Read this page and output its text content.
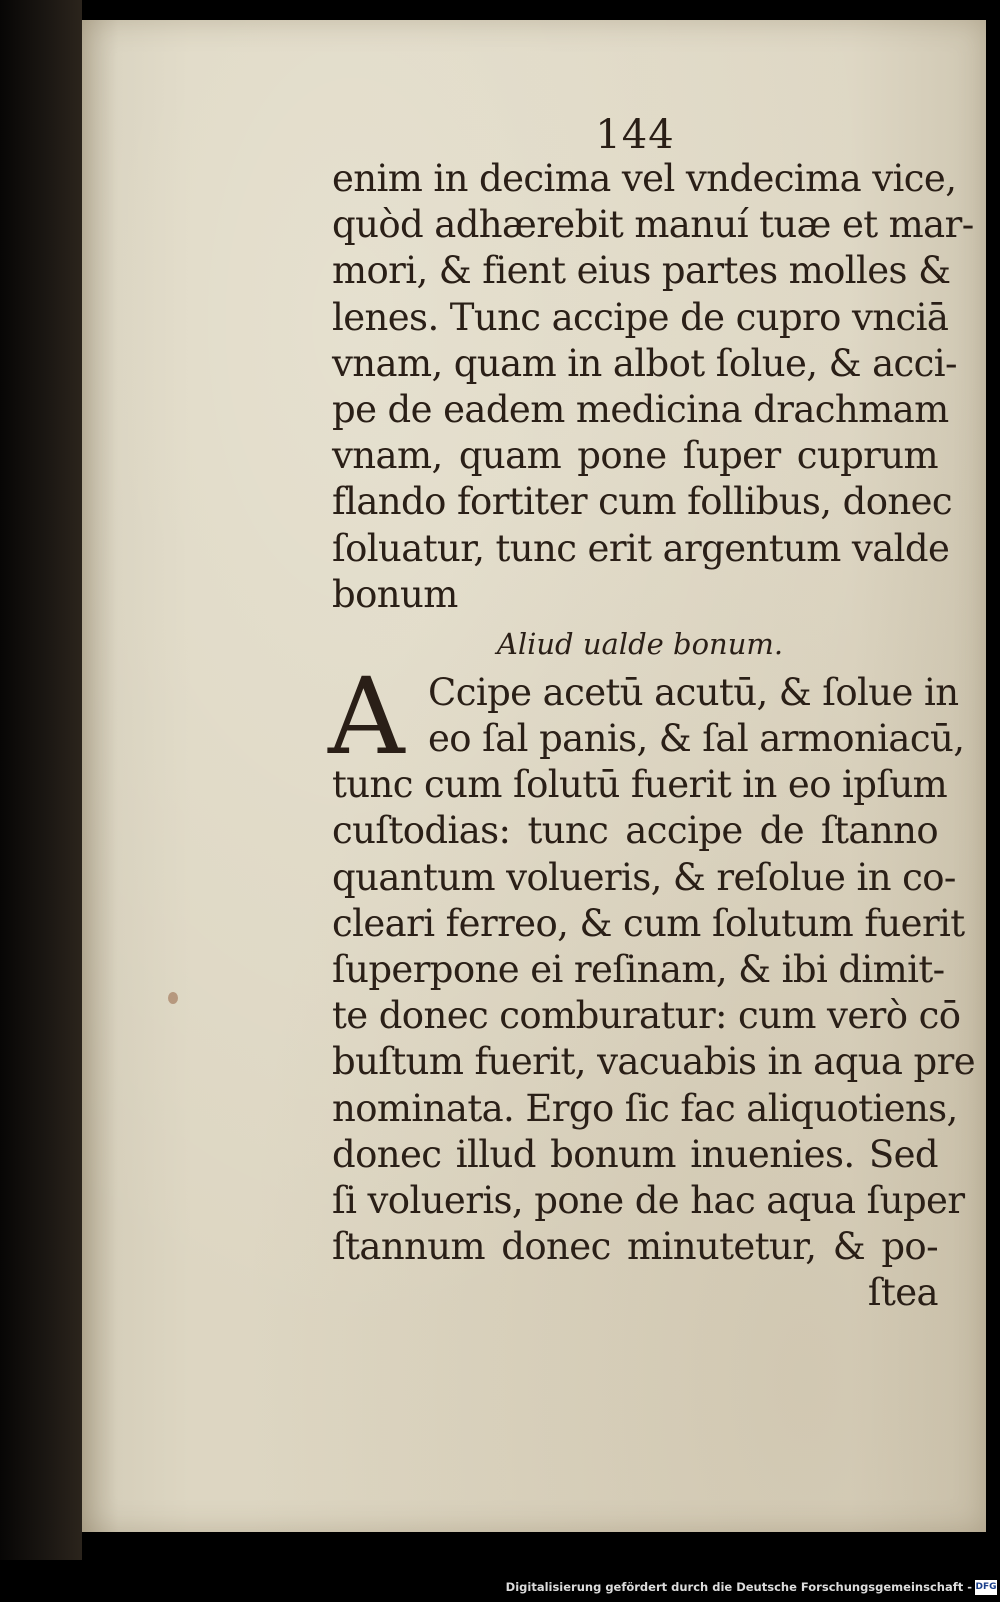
144
enim in decima vel vndecima vice,
quòd adhærebit manuí tuæ et mar-
mori, & fient eius partes molles &
lenes. Tunc accipe de cupro vnciā
vnam, quam in albot ſolue, & acci-
pe de eadem medicina drachmam
vnam, quam pone ſuper cuprum
flando fortiter cum follibus, donec
ſoluatur, tunc erit argentum valde
bonum
Aliud ualde bonum.
A Ccipe acetū acutū, & ſolue in
eo ſal panis, & ſal armoniacū,
tunc cum ſolutū fuerit in eo ipſum
cuſtodias: tunc accipe de ſtanno
quantum volueris, & reſolue in co-
cleari ferreo, & cum ſolutum fuerit
ſuperpone ei reſinam, & ibi dimit-
te donec comburatur: cum verò cō
buſtum fuerit, vacuabis in aqua pre
nominata. Ergo ſic fac aliquotiens,
donec illud bonum inuenies. Sed
ſi volueris, pone de hac aqua ſuper
ſtannum donec minutetur, & po-
ſtea
Digitalisierung gefördert durch die Deutsche Forschungsgemeinschaft - DFG
